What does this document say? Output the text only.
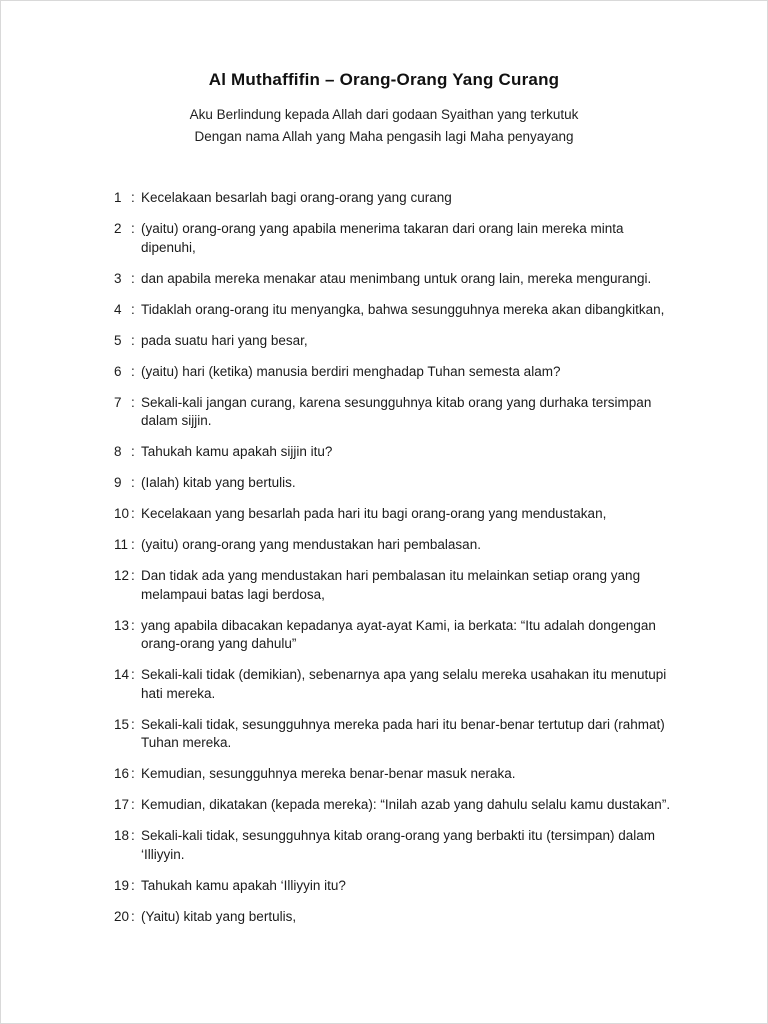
Al Muthaffifin – Orang-Orang Yang Curang
Aku Berlindung kepada Allah dari godaan Syaithan yang terkutuk
Dengan nama Allah yang Maha pengasih lagi Maha penyayang
1 : Kecelakaan besarlah bagi orang-orang yang curang
2 : (yaitu) orang-orang yang apabila menerima takaran dari orang lain mereka minta dipenuhi,
3 : dan apabila mereka menakar atau menimbang untuk orang lain, mereka mengurangi.
4 : Tidaklah orang-orang itu menyangka, bahwa sesungguhnya mereka akan dibangkitkan,
5 : pada suatu hari yang besar,
6 : (yaitu) hari (ketika) manusia berdiri menghadap Tuhan semesta alam?
7 : Sekali-kali jangan curang, karena sesungguhnya kitab orang yang durhaka tersimpan dalam sijjin.
8 : Tahukah kamu apakah sijjin itu?
9 : (Ialah) kitab yang bertulis.
10 : Kecelakaan yang besarlah pada hari itu bagi orang-orang yang mendustakan,
11 : (yaitu) orang-orang yang mendustakan hari pembalasan.
12 : Dan tidak ada yang mendustakan hari pembalasan itu melainkan setiap orang yang melampaui batas lagi berdosa,
13 : yang apabila dibacakan kepadanya ayat-ayat Kami, ia berkata: “Itu adalah dongengan orang-orang yang dahulu”
14 : Sekali-kali tidak (demikian), sebenarnya apa yang selalu mereka usahakan itu menutupi hati mereka.
15 : Sekali-kali tidak, sesungguhnya mereka pada hari itu benar-benar tertutup dari (rahmat) Tuhan mereka.
16 : Kemudian, sesungguhnya mereka benar-benar masuk neraka.
17 : Kemudian, dikatakan (kepada mereka): “Inilah azab yang dahulu selalu kamu dustakan”.
18 : Sekali-kali tidak, sesungguhnya kitab orang-orang yang berbakti itu (tersimpan) dalam ‘Illiyyin.
19 : Tahukah kamu apakah ‘Illiyyin itu?
20 : (Yaitu) kitab yang bertulis,
